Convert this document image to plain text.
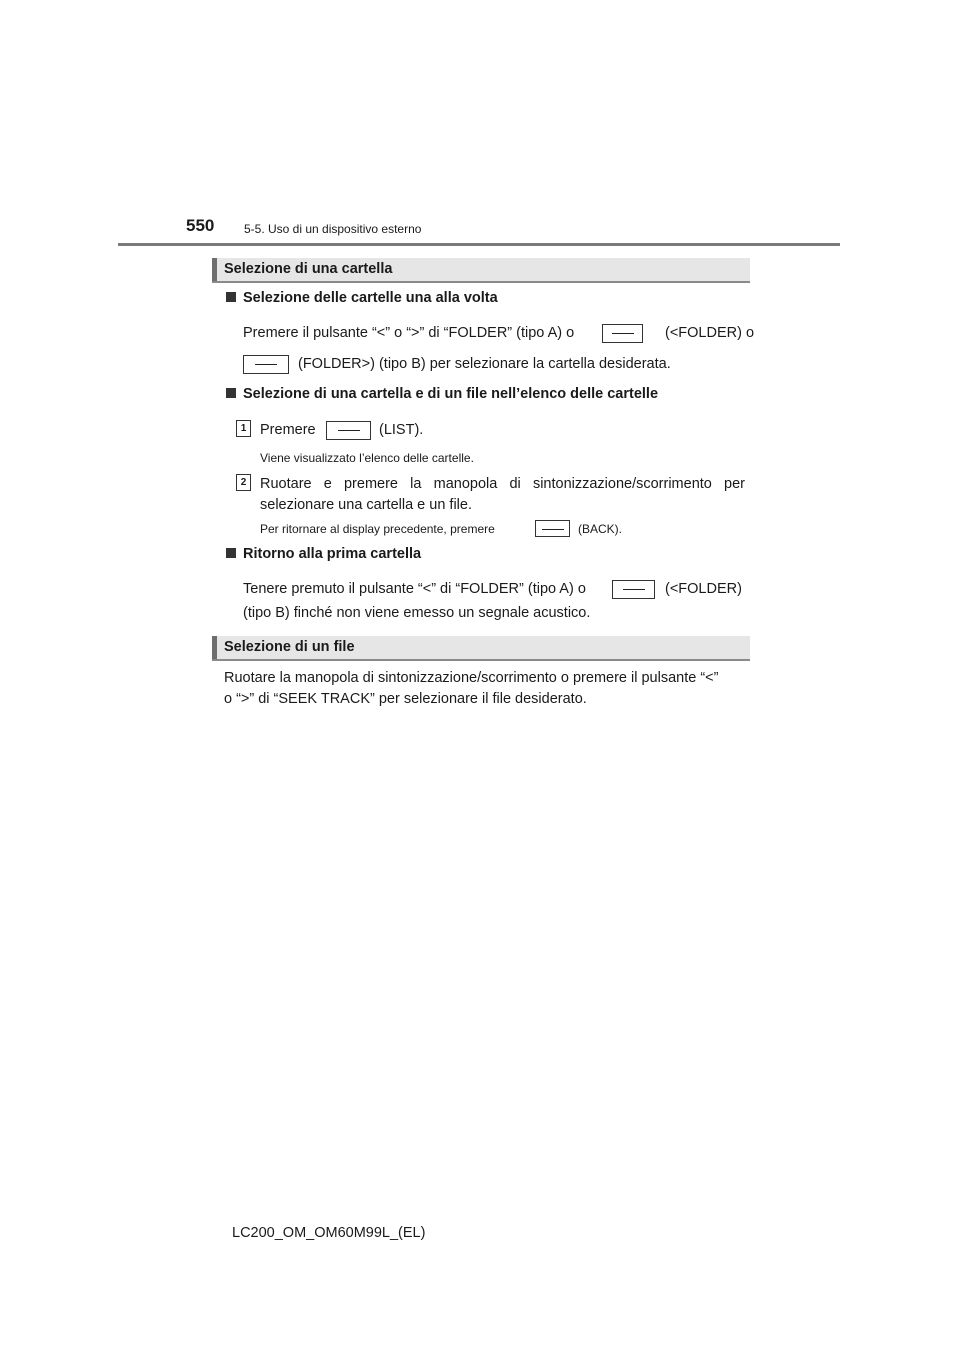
550 5-5. Uso di un dispositivo esterno
Selezione di una cartella
Selezione delle cartelle una alla volta
Premere il pulsante “<” o “>” di “FOLDER” (tipo A) o	(<FOLDER) o
(FOLDER>) (tipo B) per selezionare la cartella desiderata.
Selezione di una cartella e di un file nell’elenco delle cartelle
1 Premere	(LIST).
Viene visualizzato l’elenco delle cartelle.
2 Ruotare e premere la manopola di sintonizzazione/scorrimento per
selezionare una cartella e un file.
Per ritornare al display precedente, premere	(BACK).
Ritorno alla prima cartella
Tenere premuto il pulsante “<” di “FOLDER” (tipo A) o	(<FOLDER)
(tipo B) finché non viene emesso un segnale acustico.
Selezione di un file
Ruotare la manopola di sintonizzazione/scorrimento o premere il pulsante “<”
o “>” di “SEEK TRACK” per selezionare il file desiderato.
LC200_OM_OM60M99L_(EL)
